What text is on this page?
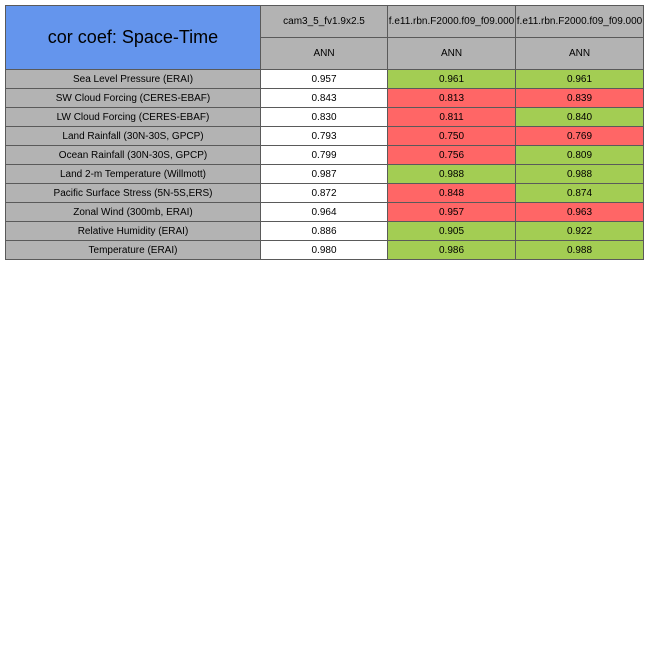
cor coef: Space-Time	cam3_5_fv1.9x2.5	f.e11.rbn.F2000.f09_f09.000	f.e11.rbn.F2000.f09_f09.000

	ANN	ANN	ANN
Sea Level Pressure (ERAI)	0.957	0.961	0.961
SW Cloud Forcing (CERES-EBAF)	0.843	0.813	0.839
LW Cloud Forcing (CERES-EBAF)	0.830	0.811	0.840
Land Rainfall (30N-30S, GPCP)	0.793	0.750	0.769
Ocean Rainfall (30N-30S, GPCP)	0.799	0.756	0.809
Land 2-m Temperature (Willmott)	0.987	0.988	0.988
Pacific Surface Stress (5N-5S,ERS)	0.872	0.848	0.874
Zonal Wind (300mb, ERAI)	0.964	0.957	0.963
Relative Humidity (ERAI)	0.886	0.905	0.922
Temperature (ERAI)	0.980	0.986	0.988
